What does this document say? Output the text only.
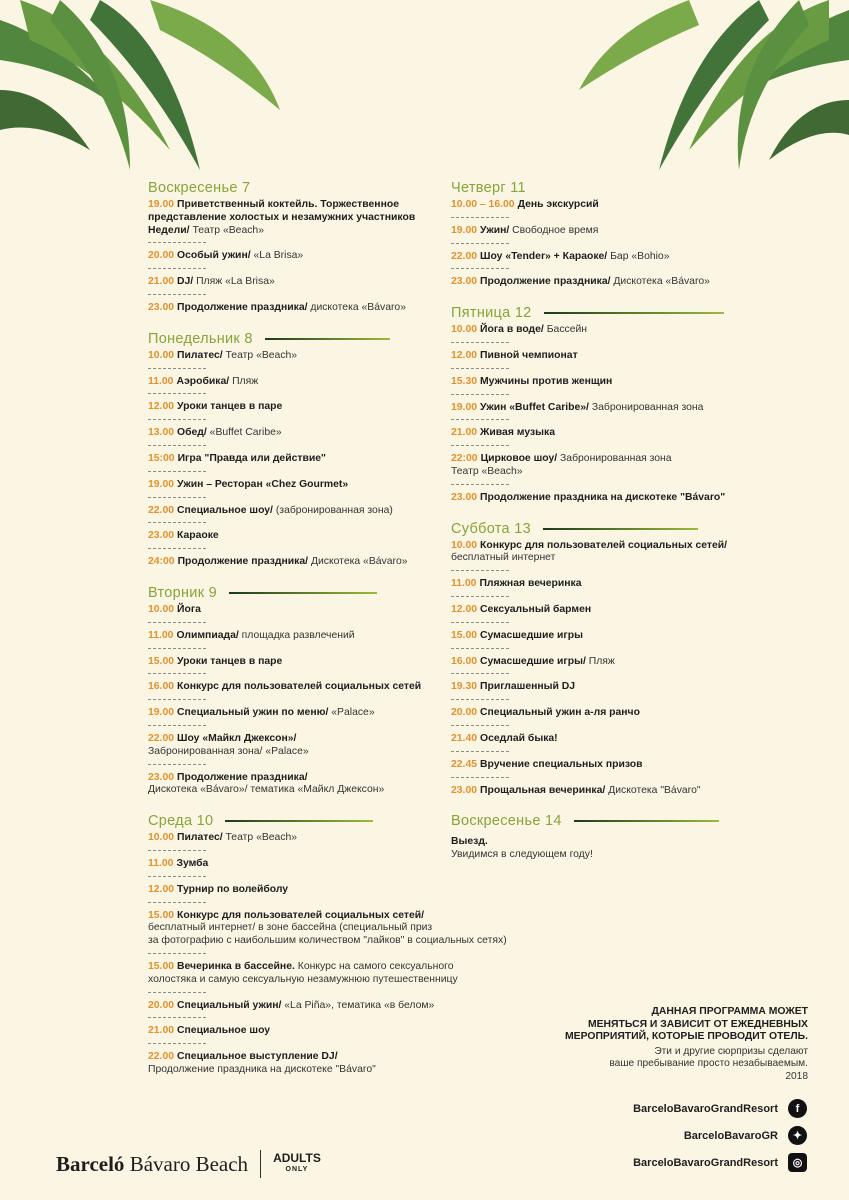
Воскресенье 7
19.00 Приветственный коктейль. Торжественное представление холостых и незамужних участников Недели/ Театр «Beach»
20.00 Особый ужин/ «La Brisa»
21.00 DJ/ Пляж «La Brisa»
23.00 Продолжение праздника/ дискотека «Bávaro»
Понедельник 8
10.00 Пилатес/ Театр «Beach»
11.00 Аэробика/ Пляж
12.00 Уроки танцев в паре
13.00 Обед/ «Buffet Caribe»
15:00 Игра "Правда или действие"
19.00 Ужин – Ресторан «Chez Gourmet»
22.00 Специальное шоу/ (забронированная зона)
23.00 Караоке
24:00 Продолжение праздника/ Дискотека «Bávaro»
Вторник 9
10.00 Йога
11.00 Олимпиада/ площадка развлечений
15.00 Уроки танцев в паре
16.00 Конкурс для пользователей социальных сетей
19.00 Специальный ужин по меню/ «Palace»
22.00 Шоу «Майкл Джексон»/
Забронированная зона/ «Palace»
23.00 Продолжение праздника/
Дискотека «Bávaro»/ тематика «Майкл Джексон»
Среда 10
10.00 Пилатес/ Театр «Beach»
11.00 Зумба
12.00 Турнир по волейболу
15.00 Конкурс для пользователей социальных сетей/
бесплатный интернет/ в зоне бассейна (специальный приз
за фотографию с наибольшим количеством "лайков" в социальных сетях)
15.00 Вечеринка в бассейне. Конкурс на самого сексуального
холостяка и самую сексуальную незамужнюю путешественницу
20.00 Специальный ужин/ «La Piña», тематика «в белом»
21.00 Специальное шоу
22.00 Специальное выступление DJ/
Продолжение праздника на дискотеке "Bávaro"
Четверг 11
10.00 – 16.00 День экскурсий
19.00 Ужин/ Свободное время
22.00 Шоу «Tender» + Караоке/ Бар «Bohio»
23.00 Продолжение праздника/ Дискотека «Bávaro»
Пятница 12
10.00 Йога в воде/ Бассейн
12.00 Пивной чемпионат
15.30 Мужчины против женщин
19.00 Ужин «Buffet Caribe»/ Забронированная зона
21.00 Живая музыка
22:00 Цирковое шоу/ Забронированная зона
Театр «Beach»
23.00 Продолжение праздника на дискотеке "Bávaro"
Суббота 13
10.00 Конкурс для пользователей социальных сетей/
бесплатный интернет
11.00 Пляжная вечеринка
12.00 Сексуальный бармен
15.00 Сумасшедшие игры
16.00 Сумасшедшие игры/ Пляж
19.30 Приглашенный DJ
20.00 Специальный ужин а-ля ранчо
21.40 Оседлай быка!
22.45 Вручение специальных призов
23.00 Прощальная вечеринка/ Дискотека "Bávaro"
Воскресенье 14
Выезд.
Увидимся в следующем году!
ДАННАЯ ПРОГРАММА МОЖЕТ
МЕНЯТЬСЯ И ЗАВИСИТ ОТ ЕЖЕДНЕВНЫХ
МЕРОПРИЯТИЙ, КОТОРЫЕ ПРОВОДИТ ОТЕЛЬ.
Эти и другие сюрпризы сделают
ваше пребывание просто незабываемым.
2018
BarceloBavaroGrandResort	f
BarceloBavaroGR	✦
BarceloBavaroGrandResort	◎
Barceló Bávaro Beach ADULTS
ONLY
